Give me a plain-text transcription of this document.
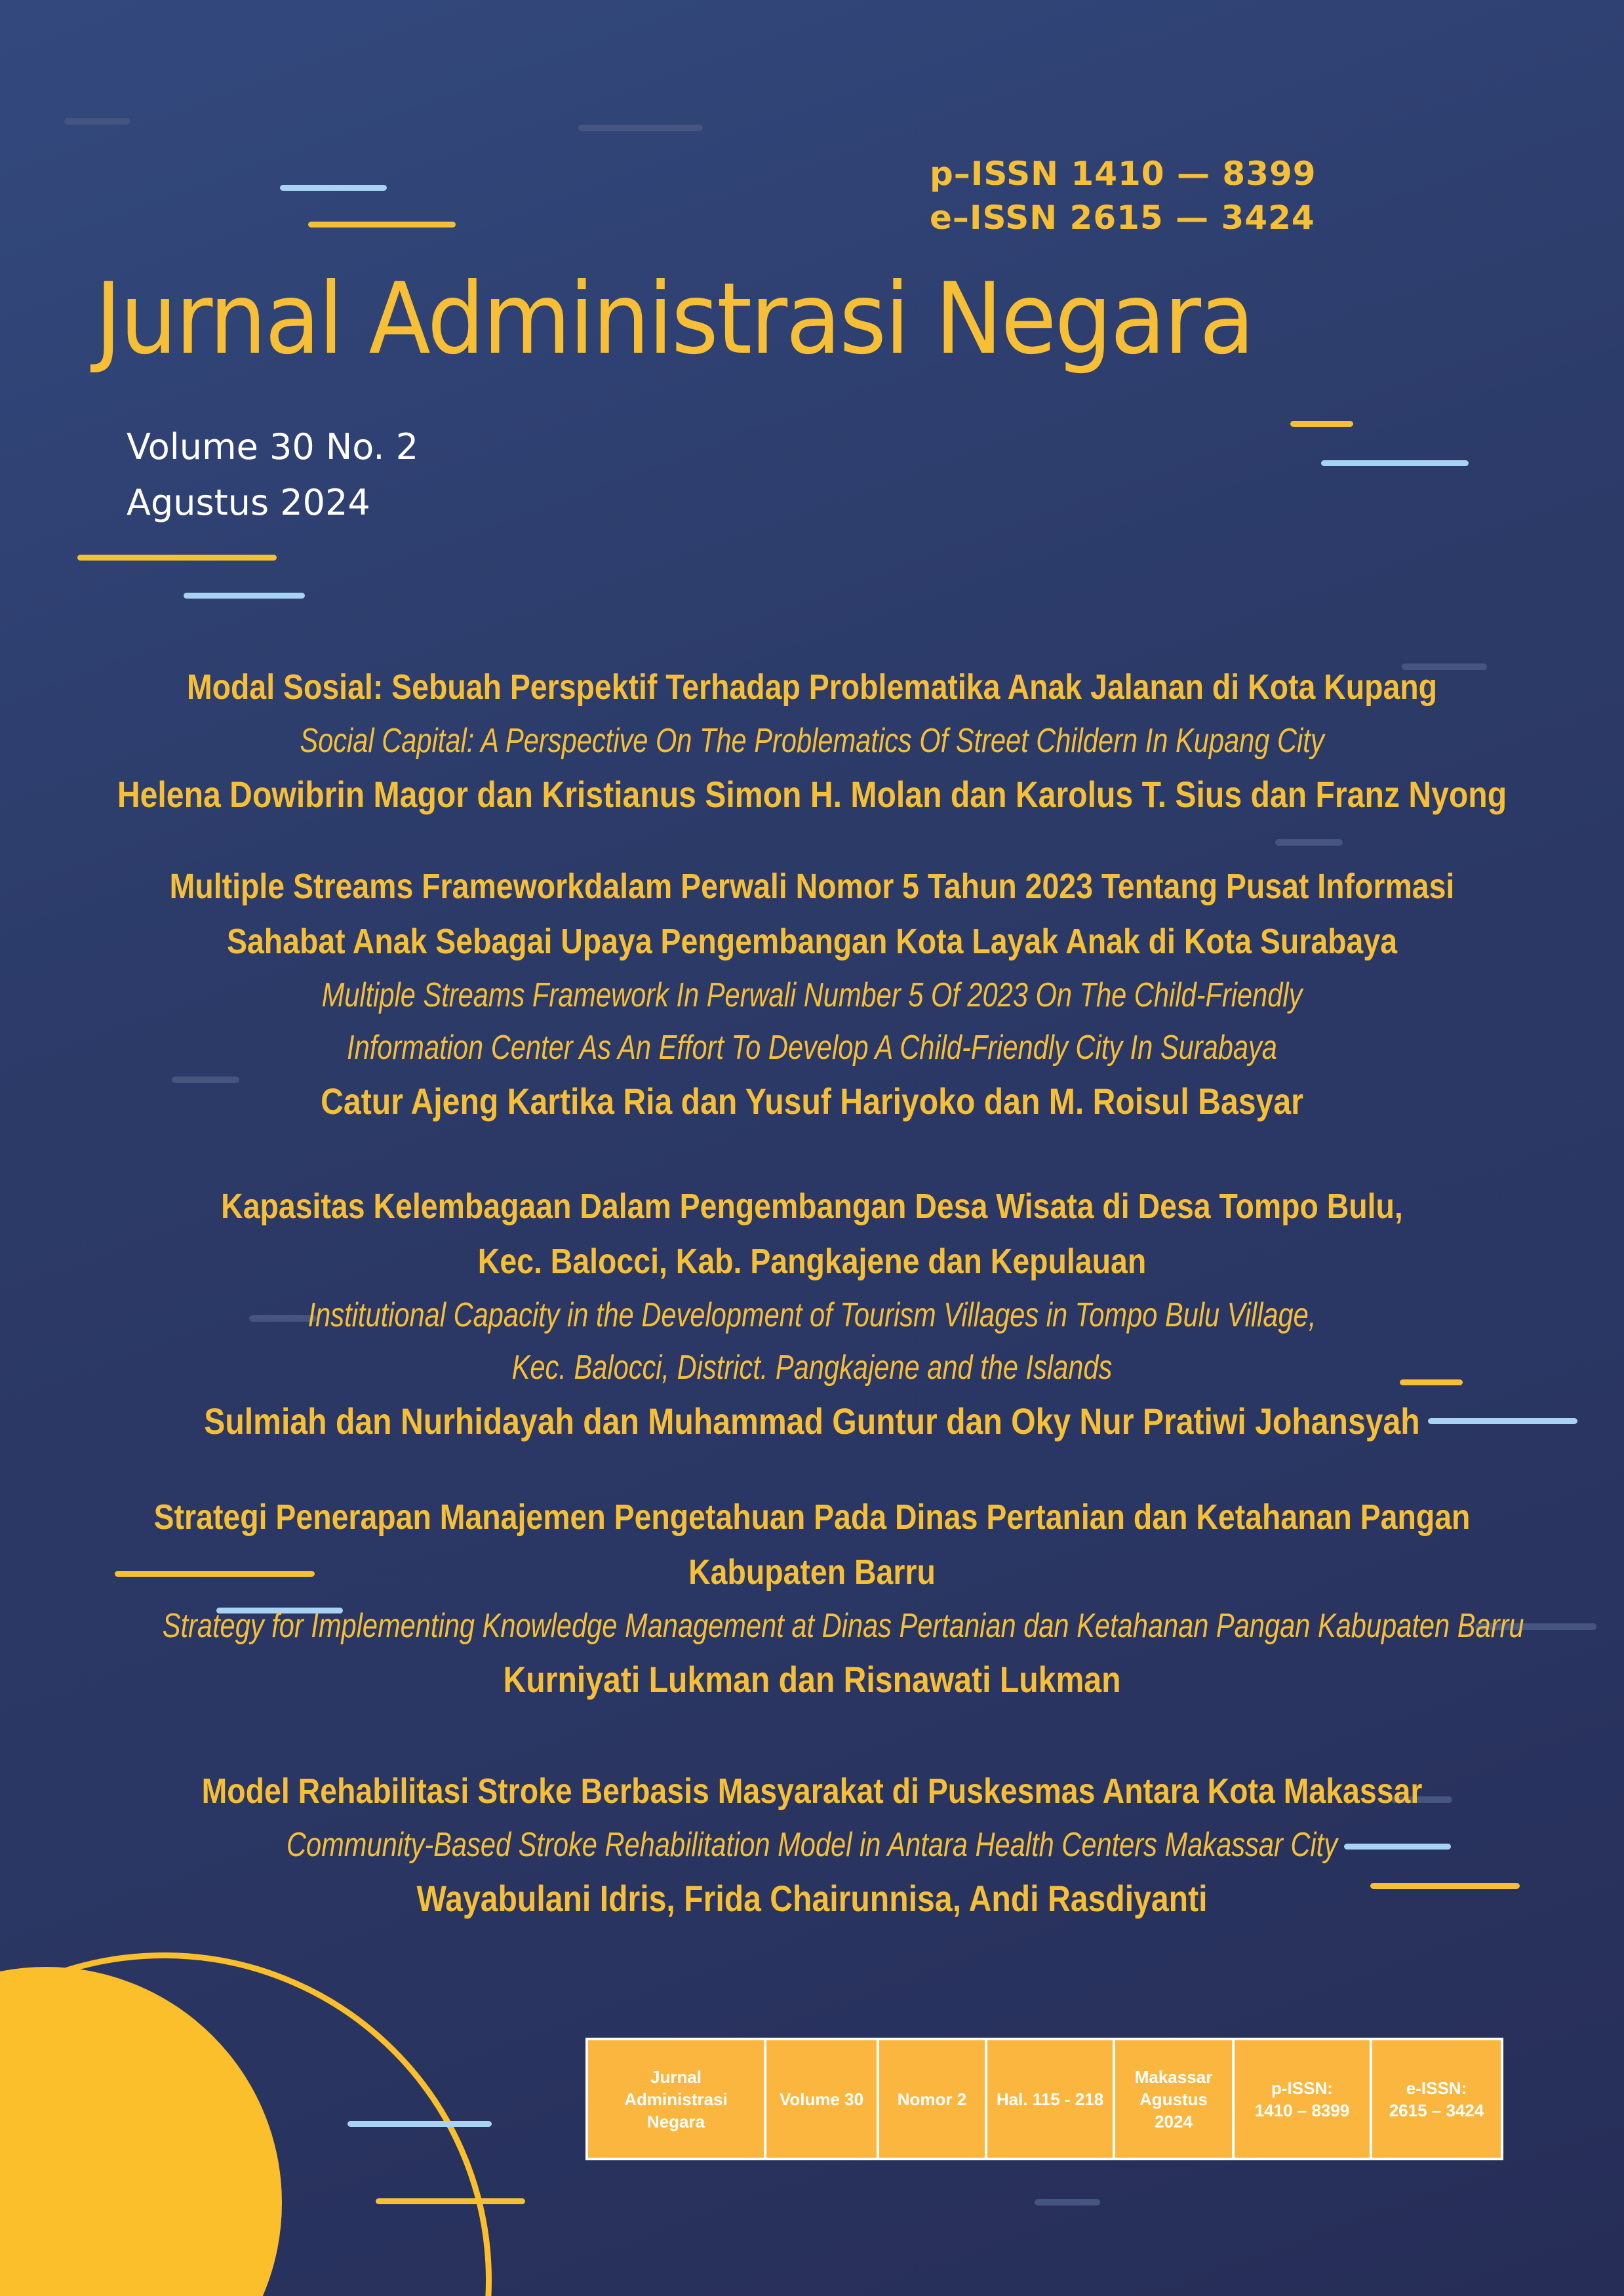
p–ISSN 1410 — 8399
e–ISSN 2615 — 3424
Jurnal Administrasi Negara
Volume 30 No. 2
Agustus 2024
Modal Sosial: Sebuah Perspektif Terhadap Problematika Anak Jalanan di Kota Kupang
Social Capital: A Perspective On The Problematics Of Street Childern In Kupang City
Helena Dowibrin Magor dan Kristianus Simon H. Molan dan Karolus T. Sius dan Franz Nyong
Multiple Streams Frameworkdalam Perwali Nomor 5 Tahun 2023 Tentang Pusat Informasi
Sahabat Anak Sebagai Upaya Pengembangan Kota Layak Anak di Kota Surabaya
Multiple Streams Framework In Perwali Number 5 Of 2023 On The Child-Friendly
Information Center As An Effort To Develop A Child-Friendly City In Surabaya
Catur Ajeng Kartika Ria dan Yusuf Hariyoko dan M. Roisul Basyar
Kapasitas Kelembagaan Dalam Pengembangan Desa Wisata di Desa Tompo Bulu,
Kec. Balocci, Kab. Pangkajene dan Kepulauan
Institutional Capacity in the Development of Tourism Villages in Tompo Bulu Village,
Kec. Balocci, District. Pangkajene and the Islands
Sulmiah dan Nurhidayah dan Muhammad Guntur dan Oky Nur Pratiwi Johansyah
Strategi Penerapan Manajemen Pengetahuan Pada Dinas Pertanian dan Ketahanan Pangan
Kabupaten Barru
Strategy for Implementing Knowledge Management at Dinas Pertanian dan Ketahanan Pangan Kabupaten Barru
Kurniyati Lukman dan Risnawati Lukman
Model Rehabilitasi Stroke Berbasis Masyarakat di Puskesmas Antara Kota Makassar
Community-Based Stroke Rehabilitation Model in Antara Health Centers Makassar City
Wayabulani Idris, Frida Chairunnisa, Andi Rasdiyanti
Jurnal
Administrasi
Negara
Volume 30 Nomor 2 Hal. 115 - 218
Makassar
Agustus
2024
p-ISSN:
1410 – 8399
e-ISSN:
2615 – 3424
